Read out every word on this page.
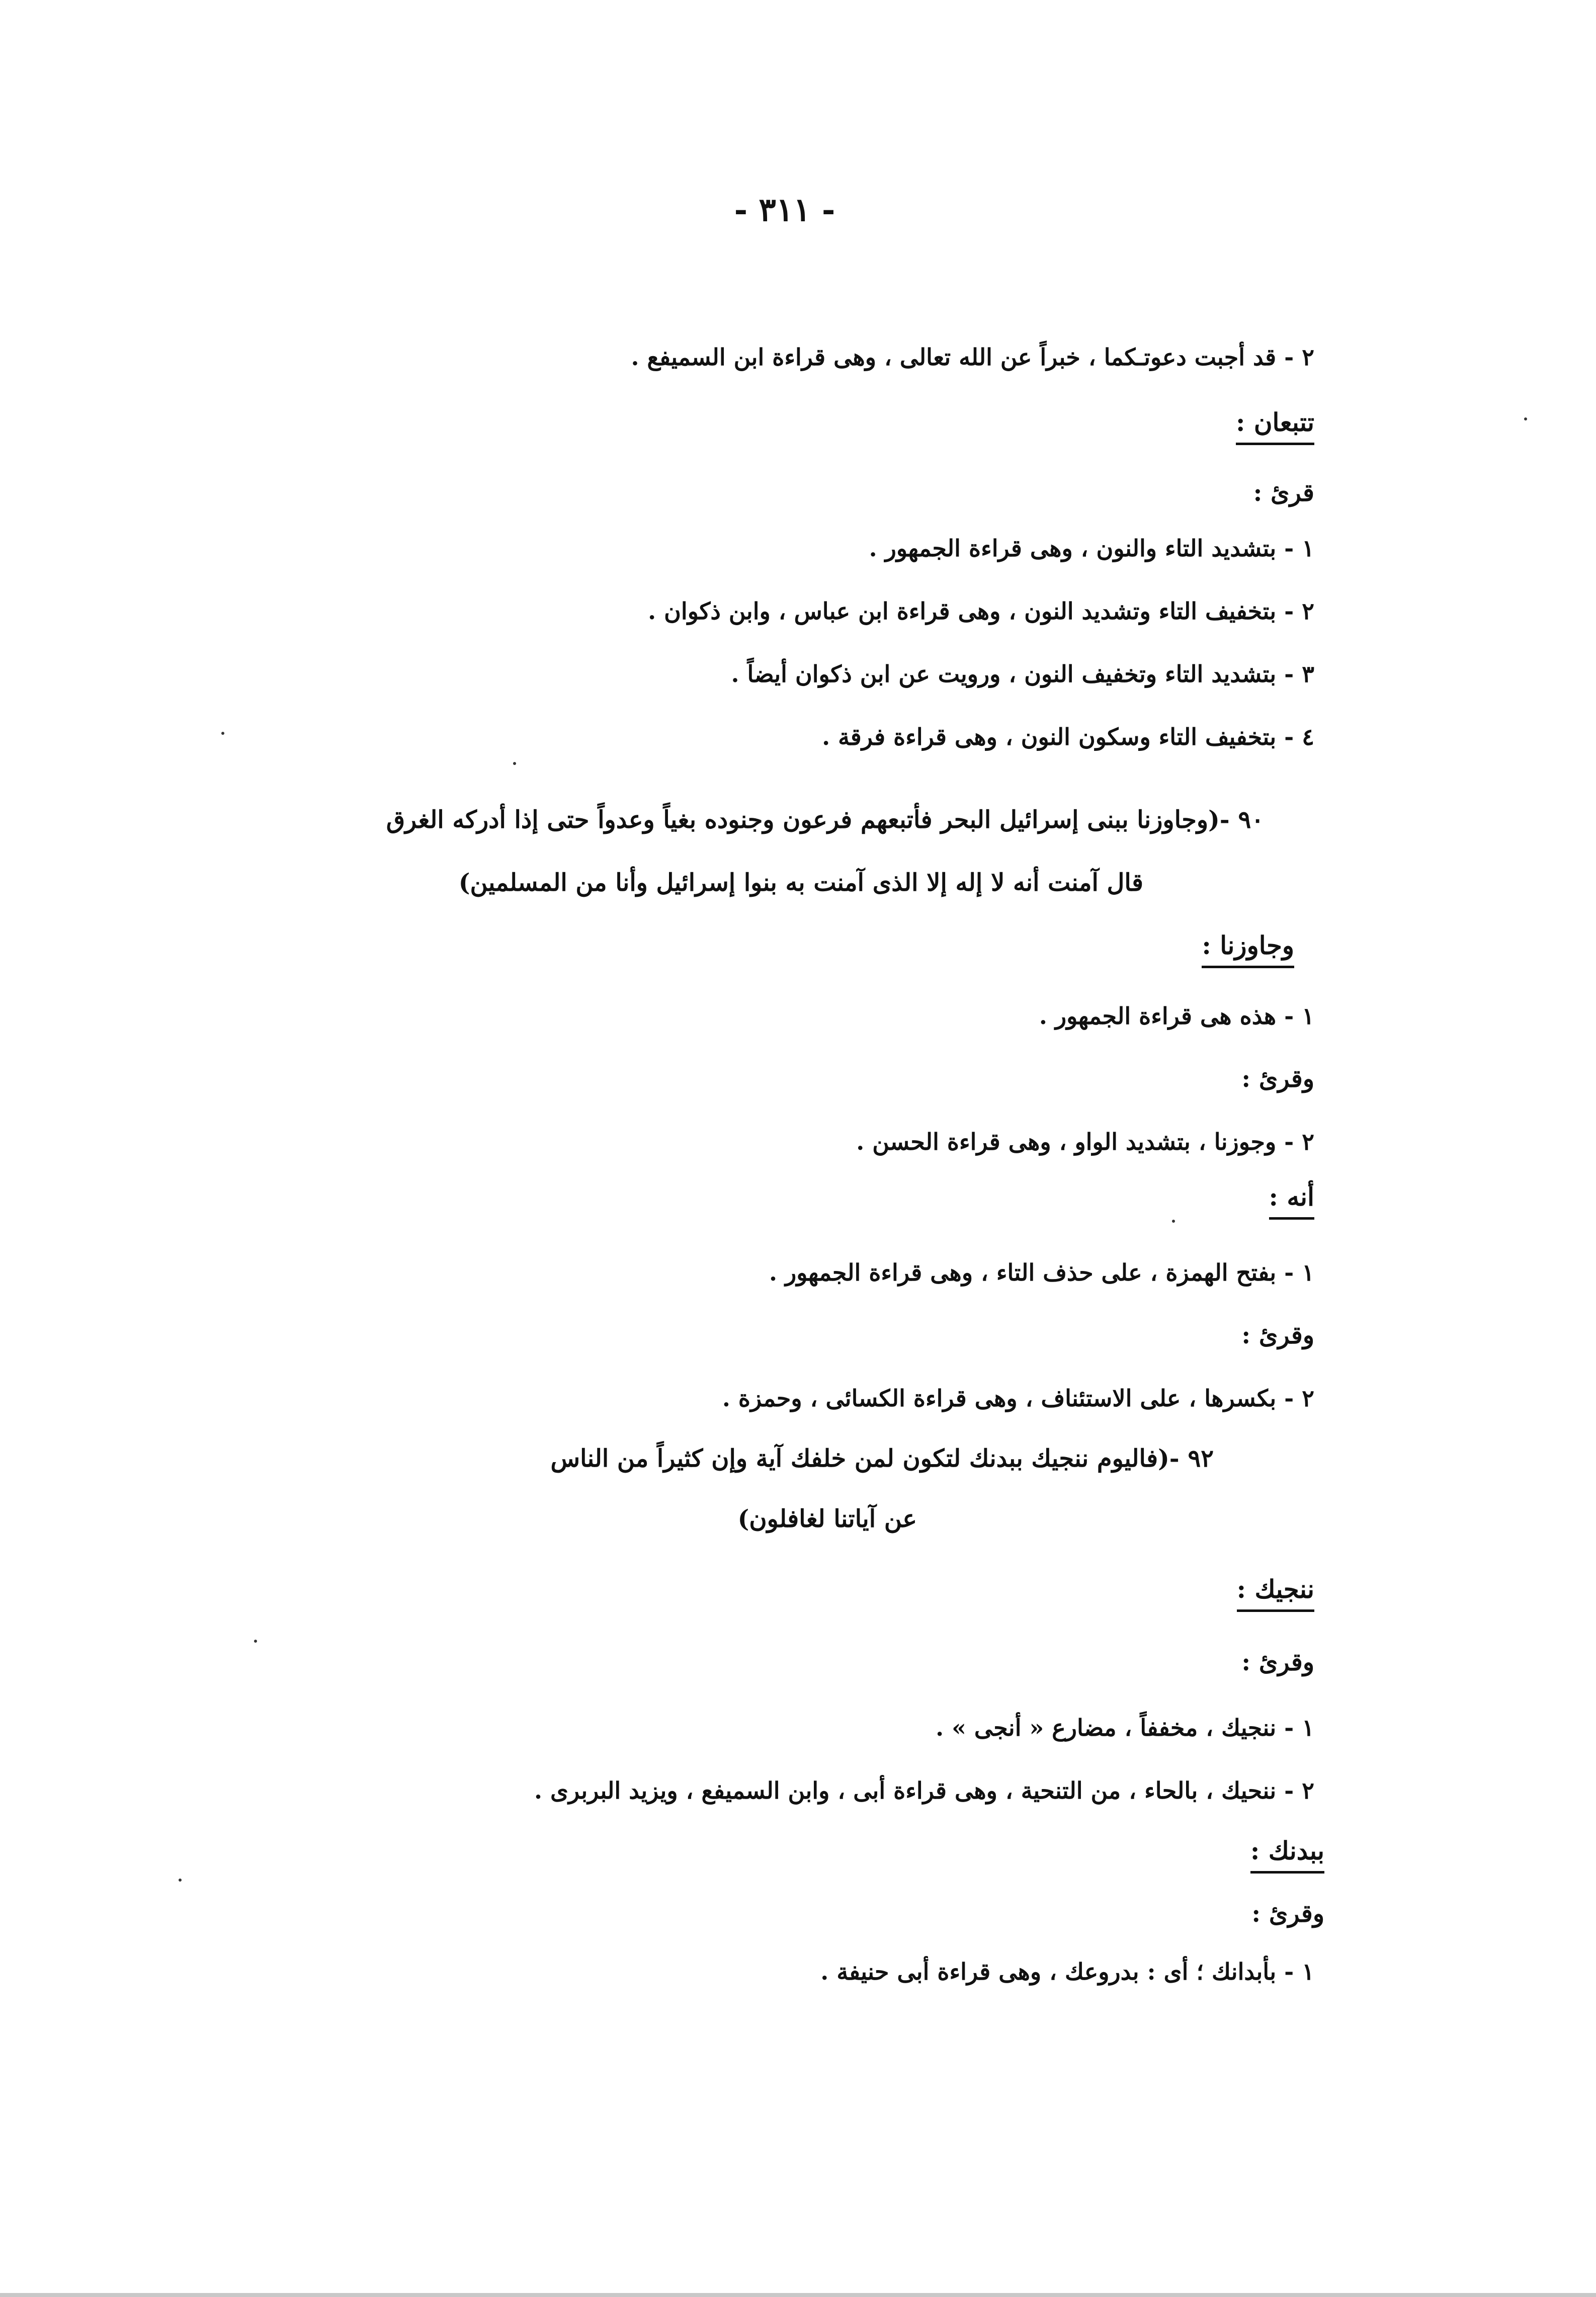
- ٣١١ -
٢ - قد أجبت دعوتـكما ، خبراً عن الله تعالى ، وهى قراءة ابن السميفع .
تتبعان :
قرئ :
١ - بتشديد التاء والنون ، وهى قراءة الجمهور .
٢ - بتخفيف التاء وتشديد النون ، وهى قراءة ابن عباس ، وابن ذكوان .
٣ - بتشديد التاء وتخفيف النون ، ورويت عن ابن ذكوان أيضاً .
٤ - بتخفيف التاء وسكون النون ، وهى قراءة فرقة .
٩٠ -(وجاوزنا ببنى إسرائيل البحر فأتبعهم فرعون وجنوده بغياً وعدواً حتى إذا أدركه الغرق
قال آمنت أنه لا إله إلا الذى آمنت به بنوا إسرائيل وأنا من المسلمين)
وجاوزنا :
١ - هذه هى قراءة الجمهور .
وقرئ :
٢ - وجوزنا ، بتشديد الواو ، وهى قراءة الحسن .
أنه :
١ - بفتح الهمزة ، على حذف التاء ، وهى قراءة الجمهور .
وقرئ :
٢ - بكسرها ، على الاستئناف ، وهى قراءة الكسائى ، وحمزة .
٩٢ -(فاليوم ننجيك ببدنك لتكون لمن خلفك آية وإن كثيراً من الناس
عن آياتنا لغافلون)
ننجيك :
وقرئ :
١ - ننجيك ، مخففاً ، مضارع « أنجى » .
٢ - ننحيك ، بالحاء ، من التنحية ، وهى قراءة أبى ، وابن السميفع ، ويزيد البربرى .
ببدنك :
وقرئ :
١ - بأبدانك ؛ أى : بدروعك ، وهى قراءة أبى حنيفة .
